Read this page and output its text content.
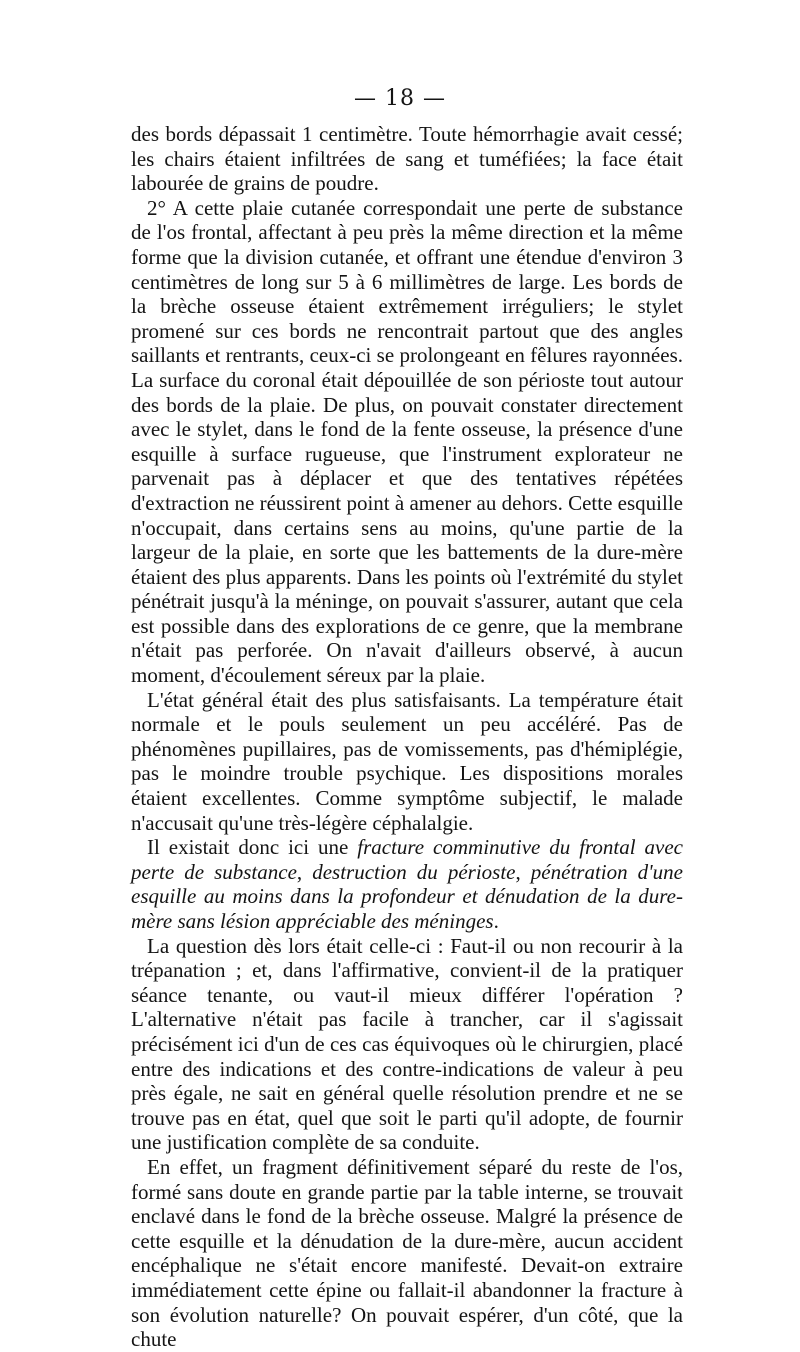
— 18 —

des bords dépassait 1 centimètre. Toute hémorrhagie avait cessé; les chairs étaient infiltrées de sang et tuméfiées; la face était labourée de grains de poudre.

2° A cette plaie cutanée correspondait une perte de substance de l'os frontal, affectant à peu près la même direction et la même forme que la division cutanée, et offrant une étendue d'environ 3 centimètres de long sur 5 à 6 millimètres de large. Les bords de la brèche osseuse étaient extrêmement irréguliers; le stylet promené sur ces bords ne rencontrait partout que des angles saillants et rentrants, ceux-ci se prolongeant en fêlures rayonnées. La surface du coronal était dépouillée de son périoste tout autour des bords de la plaie. De plus, on pouvait constater directement avec le stylet, dans le fond de la fente osseuse, la présence d'une esquille à surface rugueuse, que l'instrument explorateur ne parvenait pas à déplacer et que des tentatives répétées d'extraction ne réussirent point à amener au dehors. Cette esquille n'occupait, dans certains sens au moins, qu'une partie de la largeur de la plaie, en sorte que les battements de la dure-mère étaient des plus apparents. Dans les points où l'extrémité du stylet pénétrait jusqu'à la méninge, on pouvait s'assurer, autant que cela est possible dans des explorations de ce genre, que la membrane n'était pas perforée. On n'avait d'ailleurs observé, à aucun moment, d'écoulement séreux par la plaie.

L'état général était des plus satisfaisants. La température était normale et le pouls seulement un peu accéléré. Pas de phénomènes pupillaires, pas de vomissements, pas d'hémiplégie, pas le moindre trouble psychique. Les dispositions morales étaient excellentes. Comme symptôme subjectif, le malade n'accusait qu'une très-légère céphalalgie.

Il existait donc ici une fracture comminutive du frontal avec perte de substance, destruction du périoste, pénétration d'une esquille au moins dans la profondeur et dénudation de la dure-mère sans lésion appréciable des méninges.

La question dès lors était celle-ci : Faut-il ou non recourir à la trépanation ; et, dans l'affirmative, convient-il de la pratiquer séance tenante, ou vaut-il mieux différer l'opération ? L'alternative n'était pas facile à trancher, car il s'agissait précisément ici d'un de ces cas équivoques où le chirurgien, placé entre des indications et des contre-indications de valeur à peu près égale, ne sait en général quelle résolution prendre et ne se trouve pas en état, quel que soit le parti qu'il adopte, de fournir une justification complète de sa conduite.

En effet, un fragment définitivement séparé du reste de l'os, formé sans doute en grande partie par la table interne, se trouvait enclavé dans le fond de la brèche osseuse. Malgré la présence de cette esquille et la dénudation de la dure-mère, aucun accident encéphalique ne s'était encore manifesté. Devait-on extraire immédiatement cette épine ou fallait-il abandonner la fracture à son évolution naturelle? On pouvait espérer, d'un côté, que la chute
